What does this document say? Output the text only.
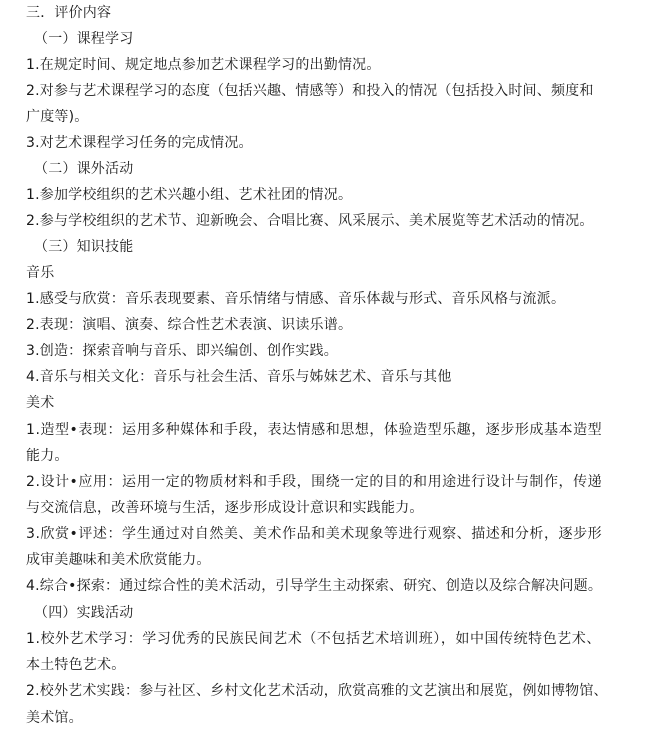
三．评价内容
（一）课程学习
1.在规定时间、规定地点参加艺术课程学习的出勤情况。
2.对参与艺术课程学习的态度（包括兴趣、情感等）和投入的情况（包括投入时间、频度和
广度等)。
3.对艺术课程学习任务的完成情况。
（二）课外活动
1.参加学校组织的艺术兴趣小组、艺术社团的情况。
2.参与学校组织的艺术节、迎新晚会、合唱比赛、风采展示、美术展览等艺术活动的情况。
（三）知识技能
音乐
1.感受与欣赏：音乐表现要素、音乐情绪与情感、音乐体裁与形式、音乐风格与流派。
2.表现：演唱、演奏、综合性艺术表演、识读乐谱。
3.创造：探索音响与音乐、即兴编创、创作实践。
4.音乐与相关文化：音乐与社会生活、音乐与姊妹艺术、音乐与其他
美术
1.造型•表现：运用多种媒体和手段，表达情感和思想，体验造型乐趣，逐步形成基本造型
能力。
2.设计•应用：运用一定的物质材料和手段，围绕一定的目的和用途进行设计与制作，传递
与交流信息，改善环境与生活，逐步形成设计意识和实践能力。
3.欣赏•评述：学生通过对自然美、美术作品和美术现象等进行观察、描述和分析，逐步形
成审美趣味和美术欣赏能力。
4.综合•探索：通过综合性的美术活动，引导学生主动探索、研究、创造以及综合解决问题。
（四）实践活动
1.校外艺术学习：学习优秀的民族民间艺术（不包括艺术培训班），如中国传统特色艺术、
本土特色艺术。
2.校外艺术实践：参与社区、乡村文化艺术活动，欣赏高雅的文艺演出和展览，例如博物馆、
美术馆。
